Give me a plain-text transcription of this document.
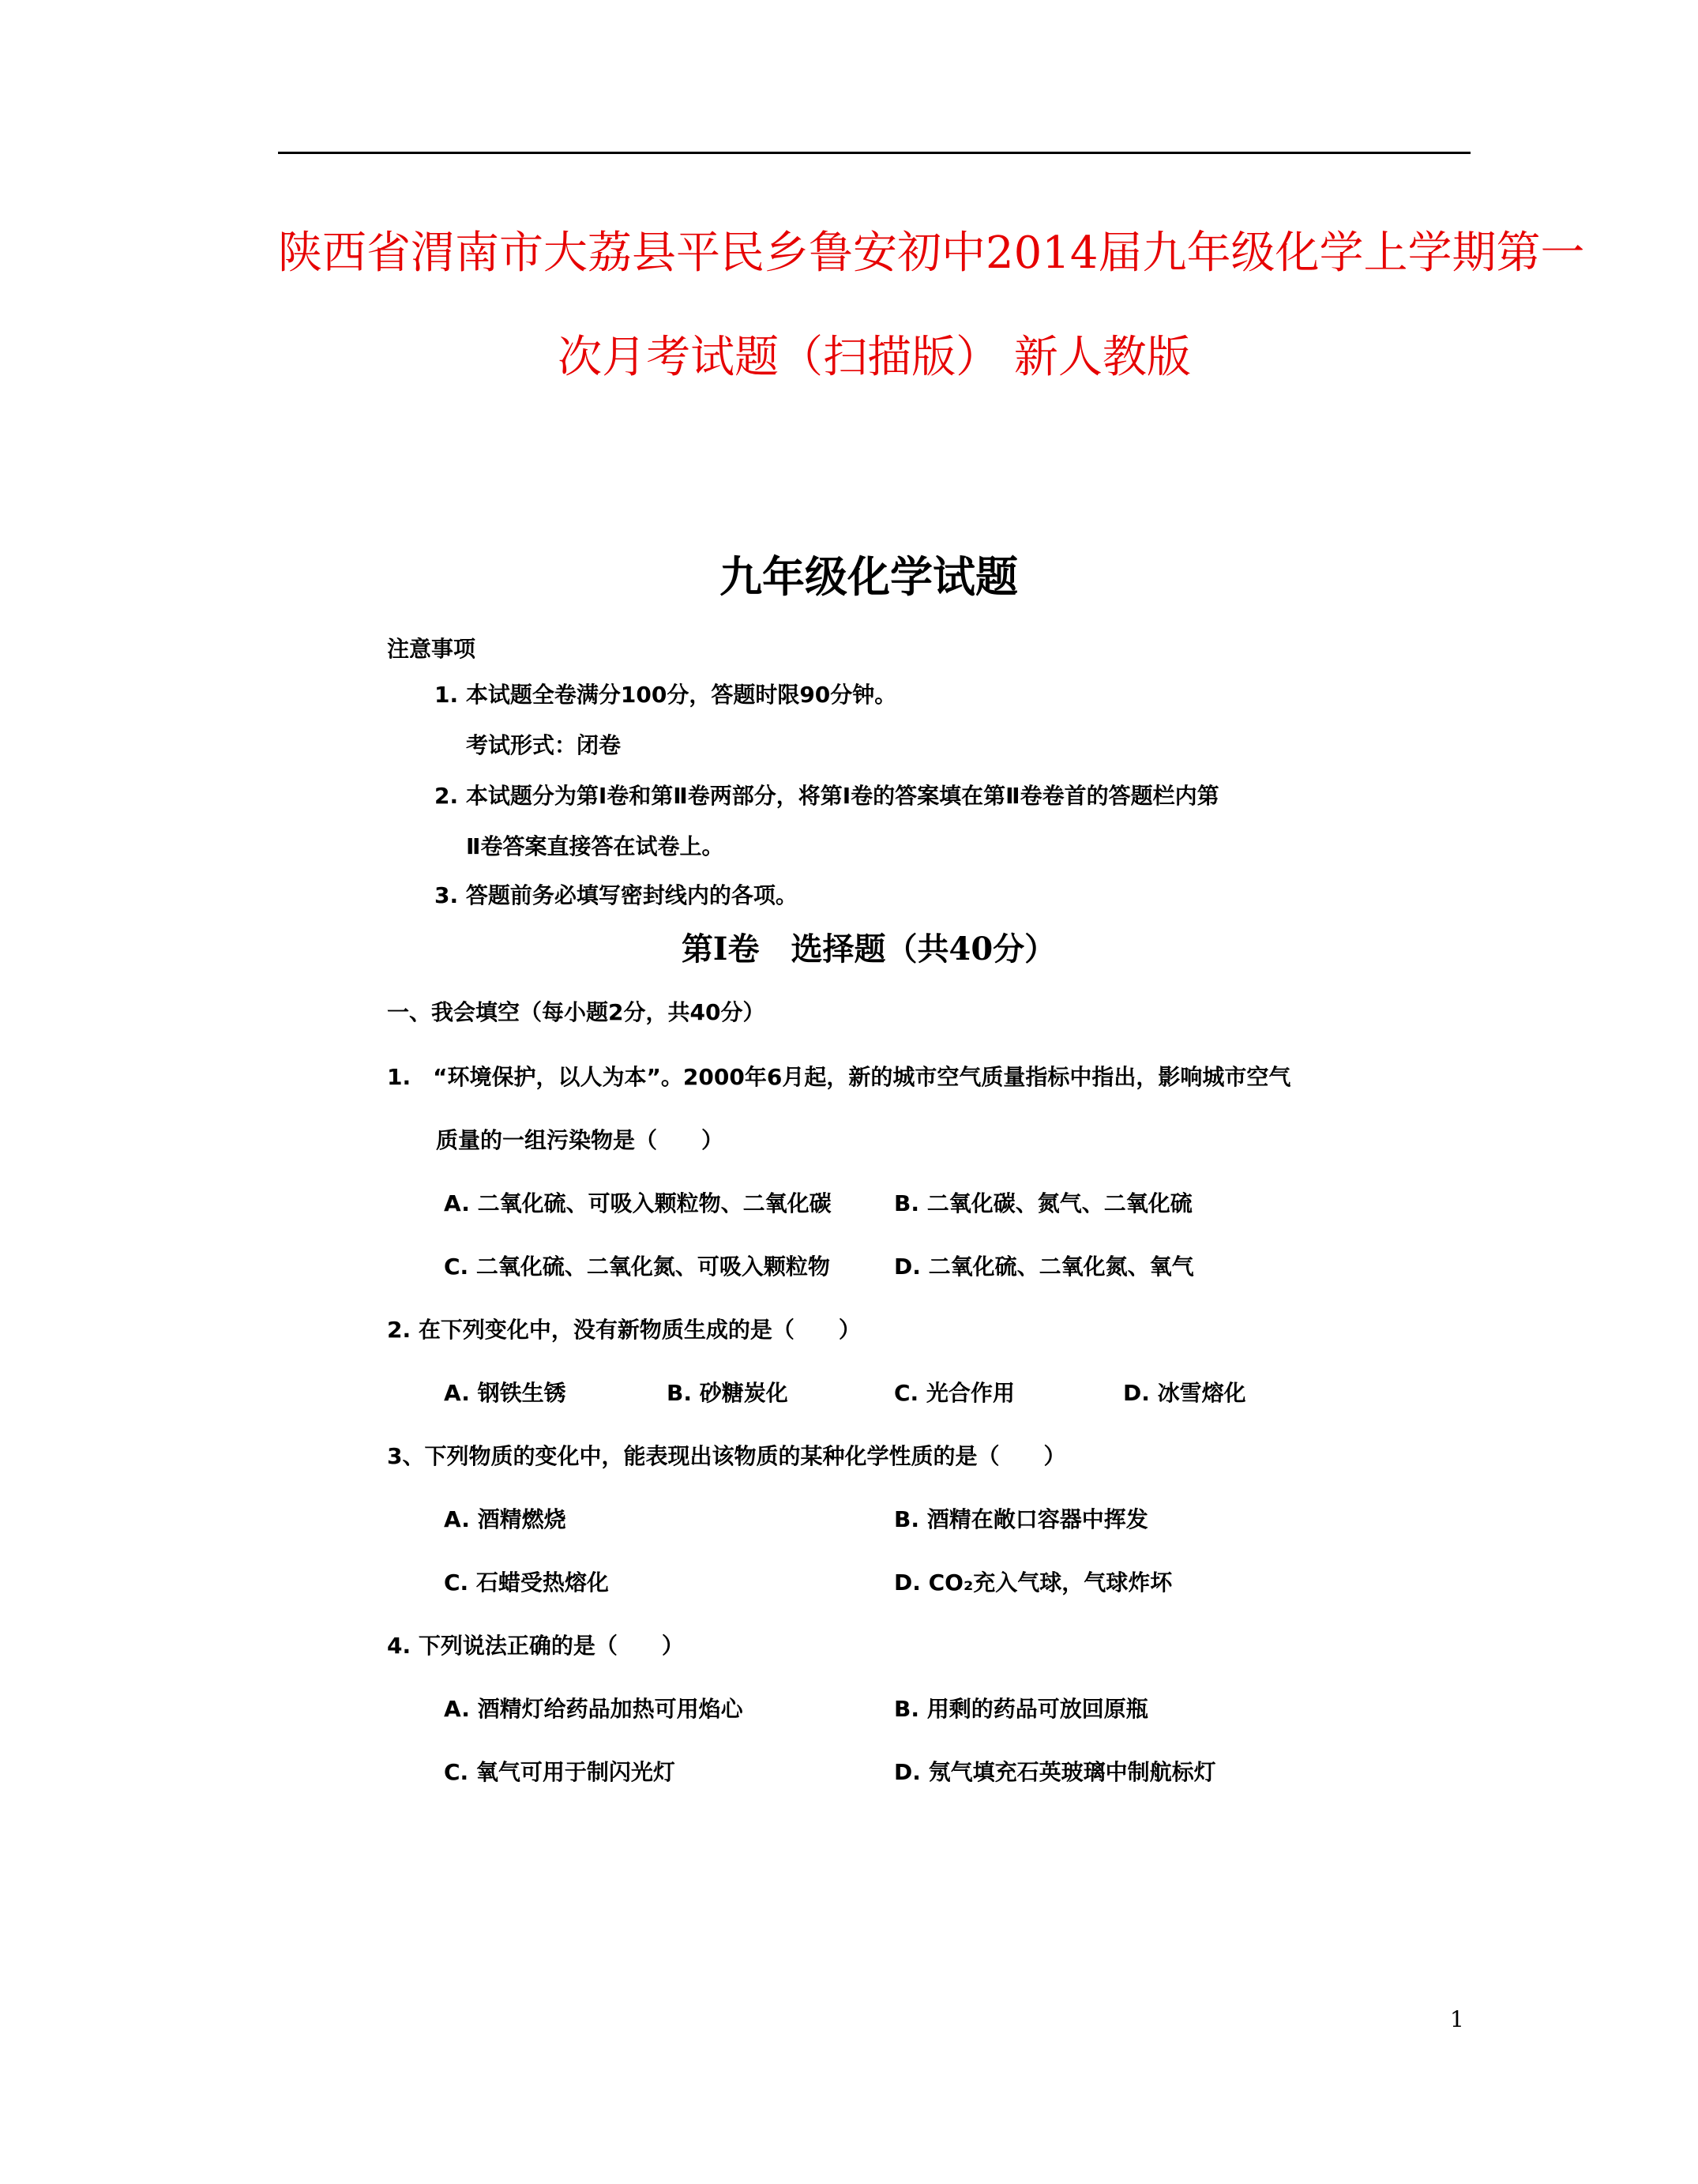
陕西省渭南市大荔县平民乡鲁安初中2014届九年级化学上学期第一
次月考试题（扫描版） 新人教版
九年级化学试题
注意事项
1. 本试题全卷满分100分，答题时限90分钟。
考试形式：闭卷
2. 本试题分为第Ⅰ卷和第Ⅱ卷两部分，将第Ⅰ卷的答案填在第Ⅱ卷卷首的答题栏内第
Ⅱ卷答案直接答在试卷上。
3. 答题前务必填写密封线内的各项。
第Ⅰ卷　选择题（共40分）
一、我会填空（每小题2分，共40分）
1.　“环境保护，以人为本”。2000年6月起，新的城市空气质量指标中指出，影响城市空气
质量的一组污染物是（　　）
A. 二氧化硫、可吸入颗粒物、二氧化碳	B. 二氧化碳、氮气、二氧化硫
C. 二氧化硫、二氧化氮、可吸入颗粒物	D. 二氧化硫、二氧化氮、氧气
2. 在下列变化中，没有新物质生成的是（　　）
A. 钢铁生锈	B. 砂糖炭化	C. 光合作用	D. 冰雪熔化
3、下列物质的变化中，能表现出该物质的某种化学性质的是（　　）
A. 酒精燃烧	B. 酒精在敞口容器中挥发
C. 石蜡受热熔化	D. CO₂充入气球，气球炸坏
4. 下列说法正确的是（　　）
A. 酒精灯给药品加热可用焰心	B. 用剩的药品可放回原瓶
C. 氧气可用于制闪光灯	D. 氖气填充石英玻璃中制航标灯
1
